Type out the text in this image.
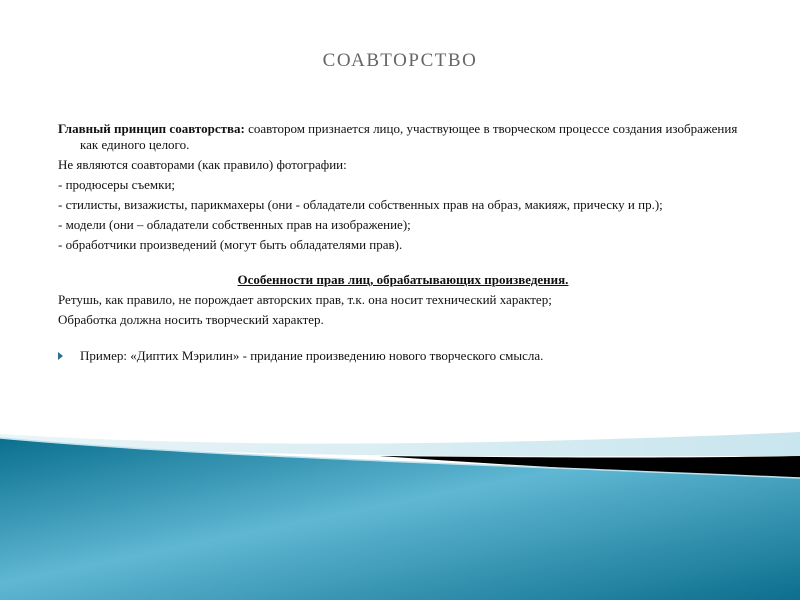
СОАВТОРСТВО

Главный принцип соавторства: соавтором признается лицо, участвующее в творческом процессе создания изображения как единого целого.

Не являются соавторами (как правило) фотографии:

- продюсеры съемки;

- стилисты, визажисты, парикмахеры (они - обладатели собственных прав на образ, макияж, прическу и пр.);

- модели (они – обладатели собственных прав на изображение);

- обработчики произведений (могут быть обладателями прав).

Особенности прав лиц, обрабатывающих произведения.

Ретушь, как правило, не порождает авторских прав, т.к. она носит технический характер;

Обработка должна носить творческий характер.

Пример: «Диптих Мэрилин» - придание произведению нового творческого смысла.
